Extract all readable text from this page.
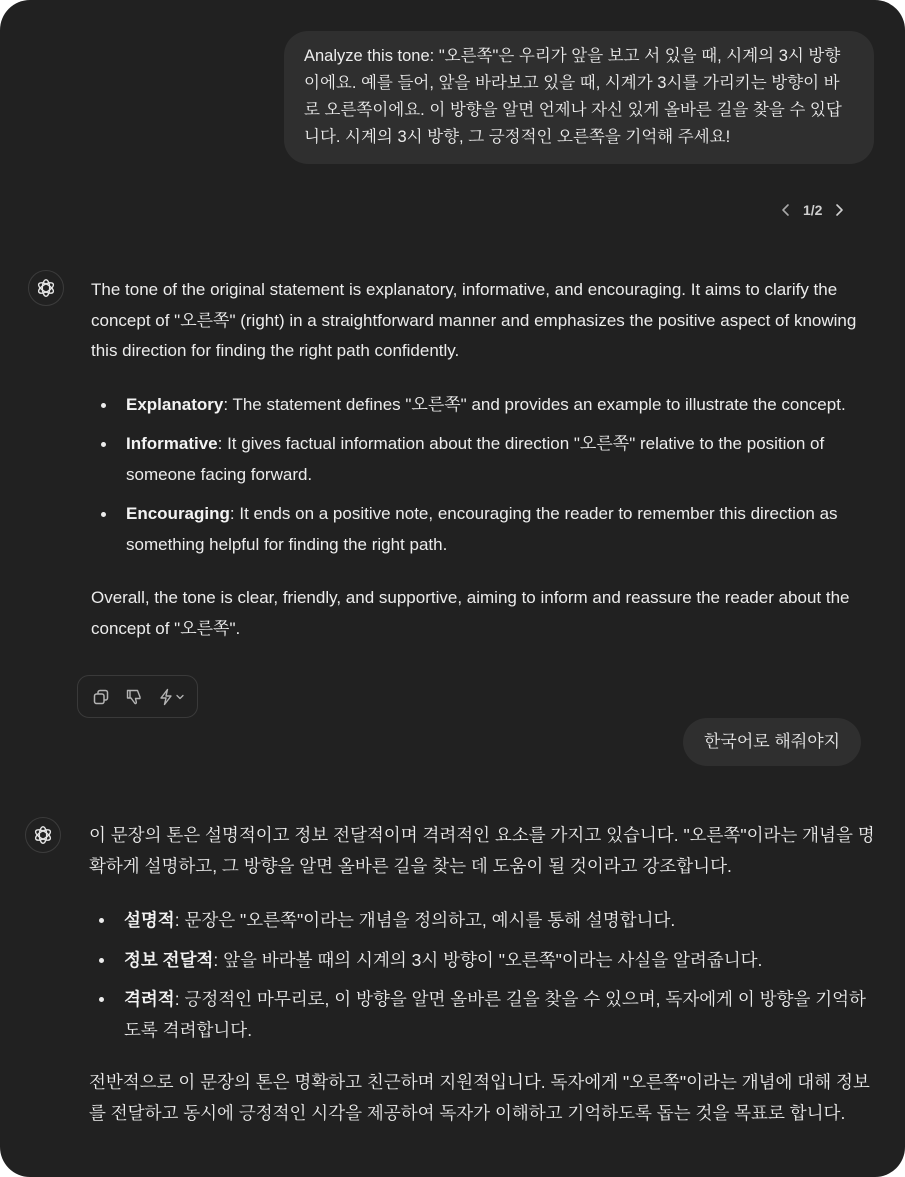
Analyze this tone: "오른쪽"은 우리가 앞을 보고 서 있을 때, 시계의 3시 방향이에요. 예를 들어, 앞을 바라보고 있을 때, 시계가 3시를 가리키는 방향이 바로 오른쪽이에요. 이 방향을 알면 언제나 자신 있게 올바른 길을 찾을 수 있답니다. 시계의 3시 방향, 그 긍정적인 오른쪽을 기억해 주세요!
1/2

The tone of the original statement is explanatory, informative, and encouraging. It aims to clarify the concept of "오른쪽" (right) in a straightforward manner and emphasizes the positive aspect of knowing this direction for finding the right path confidently.

Explanatory: The statement defines "오른쪽" and provides an example to illustrate the concept.
Informative: It gives factual information about the direction "오른쪽" relative to the position of someone facing forward.
Encouraging: It ends on a positive note, encouraging the reader to remember this direction as something helpful for finding the right path.

Overall, the tone is clear, friendly, and supportive, aiming to inform and reassure the reader about the concept of "오른쪽".

한국어로 해줘야지

이 문장의 톤은 설명적이고 정보 전달적이며 격려적인 요소를 가지고 있습니다. "오른쪽"이라는 개념을 명확하게 설명하고, 그 방향을 알면 올바른 길을 찾는 데 도움이 될 것이라고 강조합니다.

설명적: 문장은 "오른쪽"이라는 개념을 정의하고, 예시를 통해 설명합니다.
정보 전달적: 앞을 바라볼 때의 시계의 3시 방향이 "오른쪽"이라는 사실을 알려줍니다.
격려적: 긍정적인 마무리로, 이 방향을 알면 올바른 길을 찾을 수 있으며, 독자에게 이 방향을 기억하도록 격려합니다.

전반적으로 이 문장의 톤은 명확하고 친근하며 지원적입니다. 독자에게 "오른쪽"이라는 개념에 대해 정보를 전달하고 동시에 긍정적인 시각을 제공하여 독자가 이해하고 기억하도록 돕는 것을 목표로 합니다.
